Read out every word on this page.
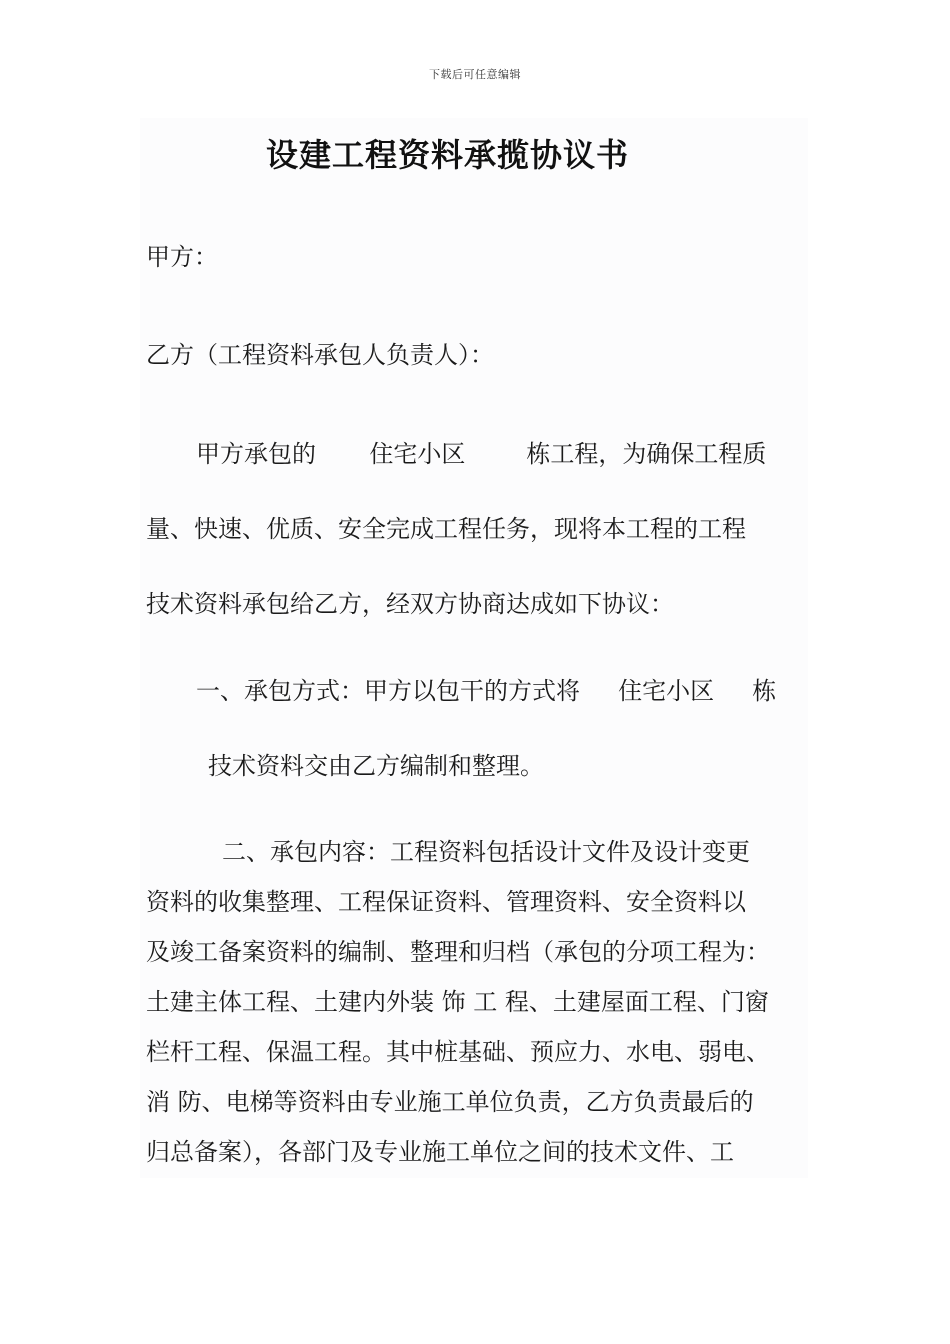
下载后可任意编辑
设建工程资料承揽协议书
甲方：
乙方（工程资料承包人负责人）：
甲方承包的       住宅小区        栋工程，为确保工程质
量、快速、优质、安全完成工程任务，现将本工程的工程
技术资料承包给乙方，经双方协商达成如下协议：
一、承包方式：甲方以包干的方式将     住宅小区     栋
技术资料交由乙方编制和整理。
二、承包内容：工程资料包括设计文件及设计变更
资料的收集整理、工程保证资料、管理资料、安全资料以
及竣工备案资料的编制、整理和归档（承包的分项工程为：
土建主体工程、土建内外装 饰 工 程、土建屋面工程、门窗
栏杆工程、保温工程。其中桩基础、预应力、水电、弱电、
消 防、电梯等资料由专业施工单位负责，乙方负责最后的
归总备案），各部门及专业施工单位之间的技术文件、工
